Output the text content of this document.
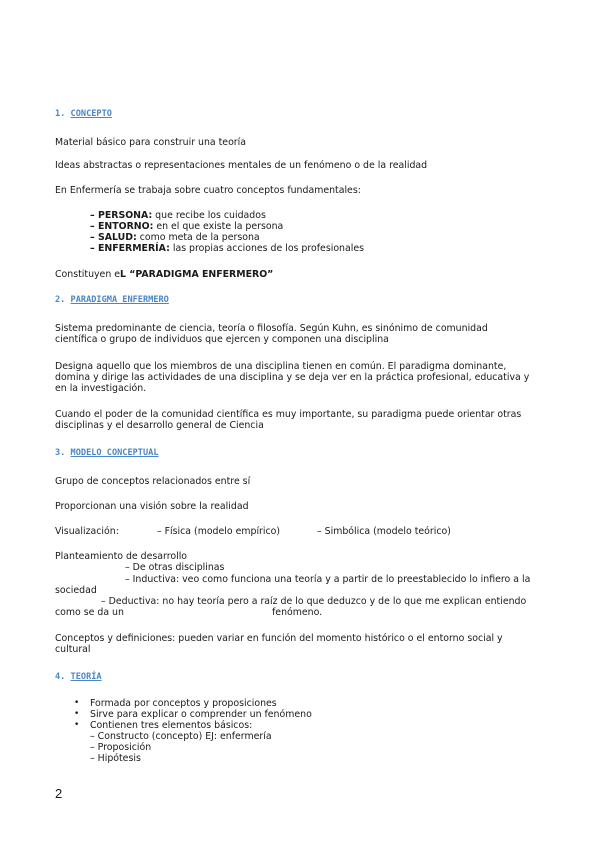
1. CONCEPTO

Material básico para construir una teoría

Ideas abstractas o representaciones mentales de un fenómeno o de la realidad

En Enfermería se trabaja sobre cuatro conceptos fundamentales:

– PERSONA: que recibe los cuidados

– ENTORNO: en el que existe la persona

– SALUD: como meta de la persona

– ENFERMERÍA: las propias acciones de los profesionales

Constituyen eL “PARADIGMA ENFERMERO”

2. PARADIGMA ENFERMERO

Sistema predominante de ciencia, teoría o filosofía. Según Kuhn, es sinónimo de comunidad científica o grupo de individuos que ejercen y componen una disciplina

Designa aquello que los miembros de una disciplina tienen en común. El paradigma dominante, domina y dirige las actividades de una disciplina y se deja ver en la práctica profesional, educativa y en la investigación.

Cuando el poder de la comunidad científica es muy importante, su paradigma puede orientar otras disciplinas y el desarrollo general de Ciencia

3. MODELO CONCEPTUAL

Grupo de conceptos relacionados entre sí

Proporcionan una visión sobre la realidad

Visualización:	– Física (modelo empírico)	– Simbólica (modelo teórico)

Planteamiento de desarrollo

– De otras disciplinas

– Inductiva: veo como funciona una teoría y a partir de lo preestablecido lo infiero a la

sociedad

– Deductiva: no hay teoría pero a raíz de lo que deduzco y de lo que me explican entiendo

como se da un	fenómeno.

Conceptos y definiciones: pueden variar en función del momento histórico o el entorno social y cultural

4. TEORÍA

• Formada por conceptos y proposiciones

• Sirve para explicar o comprender un fenómeno

• Contienen tres elementos básicos:

– Constructo (concepto) EJ: enfermería

– Proposición

– Hipótesis

2
